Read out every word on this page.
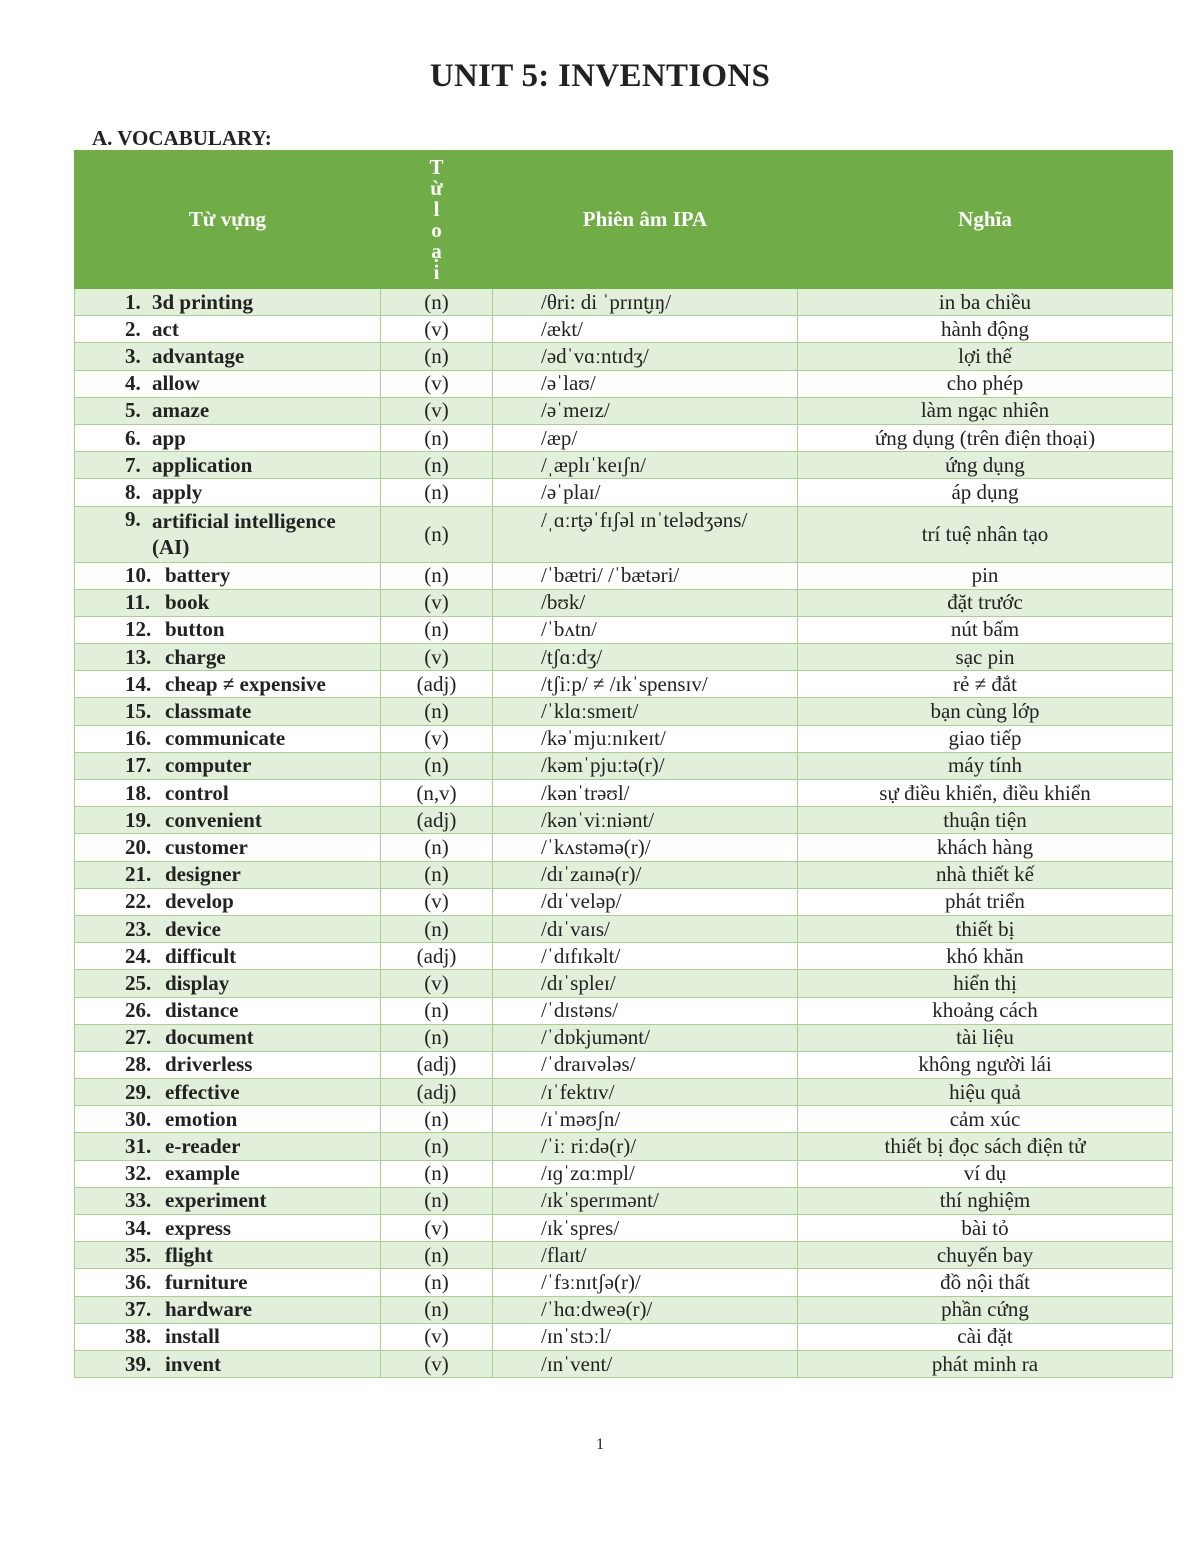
UNIT 5: INVENTIONS
A. VOCABULARY:
Từ vựng	Từ loại	Phiên âm IPA	Nghĩa
1. 3d printing	(n)	/θri: di ˈprɪnt̬ɪŋ/	in ba chiều
2. act	(v)	/ækt/	hành động
3. advantage	(n)	/ədˈvɑːntɪdʒ/	lợi thế
4. allow	(v)	/əˈlaʊ/	cho phép
5. amaze	(v)	/əˈmeɪz/	làm ngạc nhiên
6. app	(n)	/æp/	ứng dụng (trên điện thoại)
7. application	(n)	/ˌæplɪˈkeɪʃn/	ứng dụng
8. apply	(n)	/əˈplaɪ/	áp dụng
9. artificial intelligence (AI)	(n)	/ˌɑːrt̬əˈfɪʃəl ɪnˈtelədʒəns/	trí tuệ nhân tạo
10. battery	(n)	/ˈbætri/ /ˈbætəri/	pin
11. book	(v)	/bʊk/	đặt trước
12. button	(n)	/ˈbʌtn/	nút bấm
13. charge	(v)	/tʃɑːdʒ/	sạc pin
14. cheap ≠ expensive	(adj)	/tʃiːp/ ≠ /ɪkˈspensɪv/	rẻ ≠ đắt
15. classmate	(n)	/ˈklɑːsmeɪt/	bạn cùng lớp
16. communicate	(v)	/kəˈmjuːnɪkeɪt/	giao tiếp
17. computer	(n)	/kəmˈpjuːtə(r)/	máy tính
18. control	(n,v)	/kənˈtrəʊl/	sự điều khiển, điều khiển
19. convenient	(adj)	/kənˈviːniənt/	thuận tiện
20. customer	(n)	/ˈkʌstəmə(r)/	khách hàng
21. designer	(n)	/dɪˈzaɪnə(r)/	nhà thiết kế
22. develop	(v)	/dɪˈveləp/	phát triển
23. device	(n)	/dɪˈvaɪs/	thiết bị
24. difficult	(adj)	/ˈdɪfɪkəlt/	khó khăn
25. display	(v)	/dɪˈspleɪ/	hiển thị
26. distance	(n)	/ˈdɪstəns/	khoảng cách
27. document	(n)	/ˈdɒkjumənt/	tài liệu
28. driverless	(adj)	/ˈdraɪvələs/	không người lái
29. effective	(adj)	/ɪˈfektɪv/	hiệu quả
30. emotion	(n)	/ɪˈməʊʃn/	cảm xúc
31. e-reader	(n)	/ˈiː riːdə(r)/	thiết bị đọc sách điện tử
32. example	(n)	/ɪɡˈzɑːmpl/	ví dụ
33. experiment	(n)	/ɪkˈsperɪmənt/	thí nghiệm
34. express	(v)	/ɪkˈspres/	bài tỏ
35. flight	(n)	/flaɪt/	chuyến bay
36. furniture	(n)	/ˈfɜːnɪtʃə(r)/	đồ nội thất
37. hardware	(n)	/ˈhɑːdweə(r)/	phần cứng
38. install	(v)	/ɪnˈstɔːl/	cài đặt
39. invent	(v)	/ɪnˈvent/	phát minh ra
1
